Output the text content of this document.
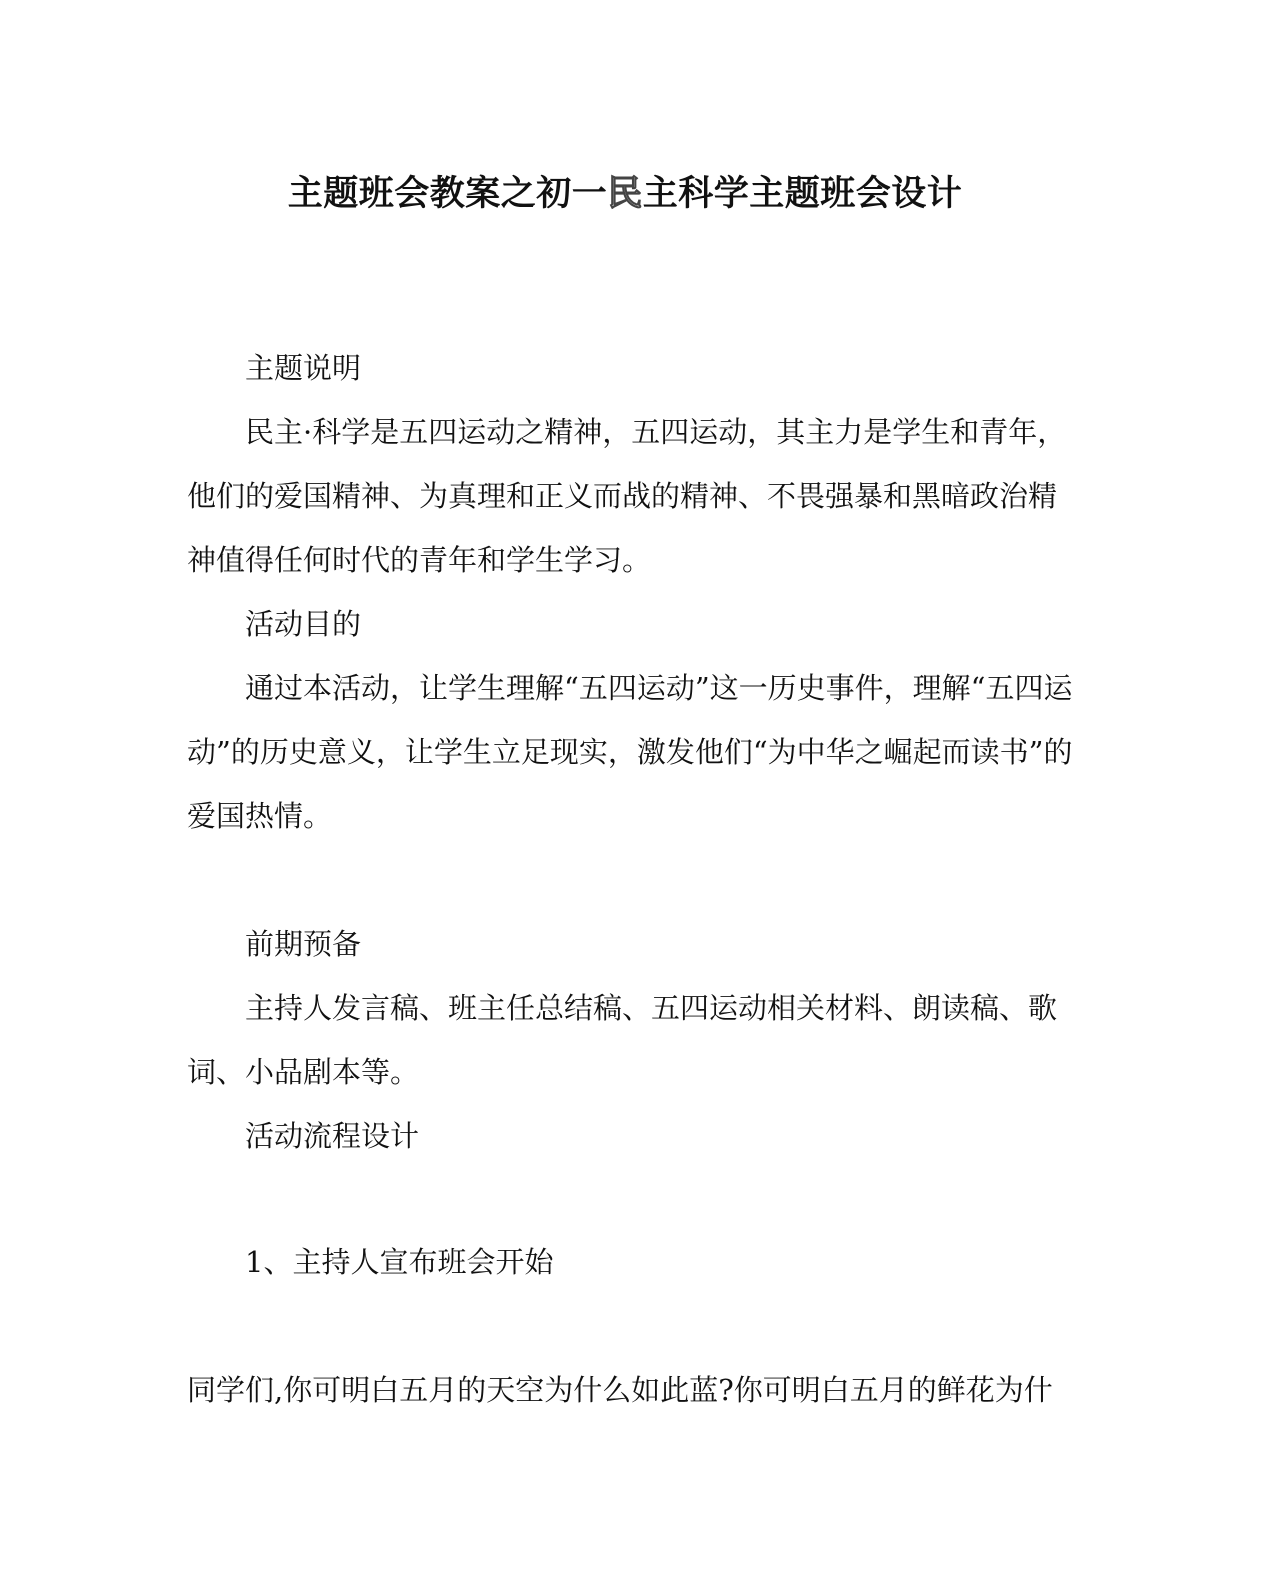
主题班会教案之初一民主科学主题班会设计
主题说明
民主·科学是五四运动之精神，五四运动，其主力是学生和青年，
他们的爱国精神、为真理和正义而战的精神、不畏强暴和黑暗政治精
神值得任何时代的青年和学生学习。
活动目的
通过本活动，让学生理解“五四运动”这一历史事件，理解“五四运
动”的历史意义，让学生立足现实，激发他们“为中华之崛起而读书”的
爱国热情。
前期预备
主持人发言稿、班主任总结稿、五四运动相关材料、朗读稿、歌
词、小品剧本等。
活动流程设计
1、主持人宣布班会开始
同学们,你可明白五月的天空为什么如此蓝?你可明白五月的鲜花为什
